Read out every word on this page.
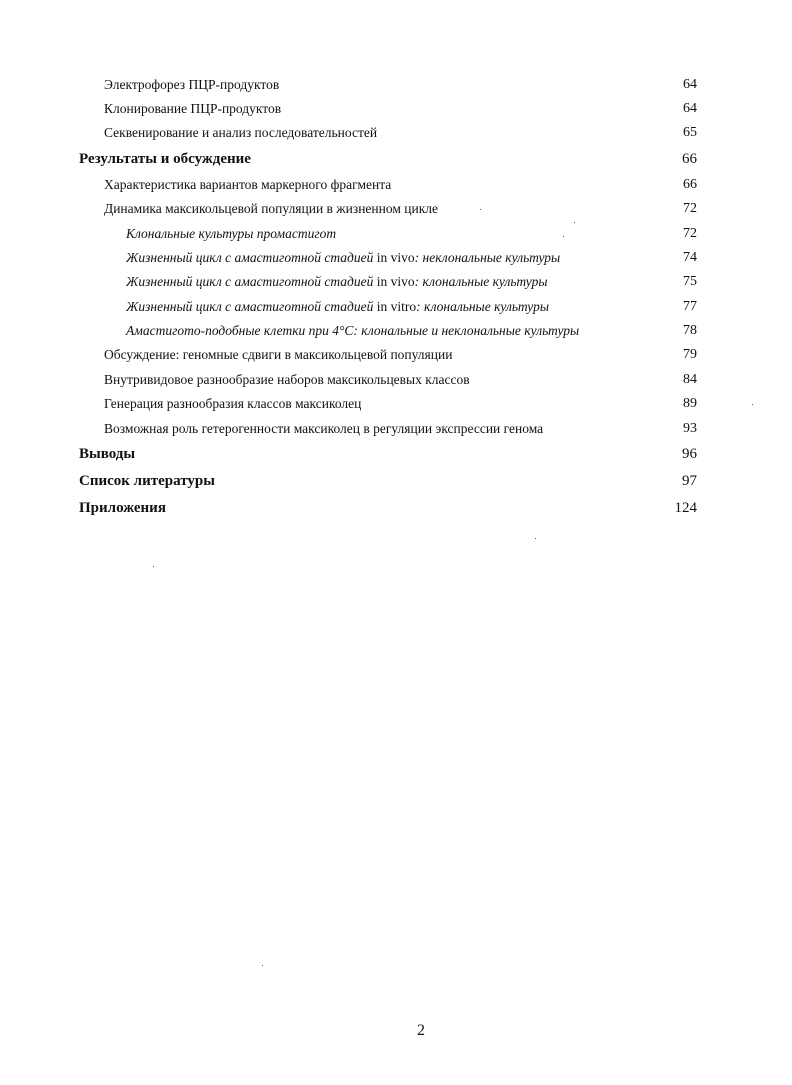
Электрофорез ПЦР-продуктов	64
Клонирование ПЦР-продуктов	64
Секвенирование и анализ последовательностей	65
Результаты и обсуждение	66
Характеристика вариантов маркерного фрагмента	66
Динамика максикольцевой популяции в жизненном цикле	72
Клональные культуры промастигот	72
Жизненный цикл с амастиготной стадией in vivo: неклональные культуры	74
Жизненный цикл с амастиготной стадией in vivo: клональные культуры	75
Жизненный цикл с амастиготной стадией in vitro: клональные культуры	77
Амастигото-подобные клетки при 4°С: клональные и неклональные культуры	78
Обсуждение: геномные сдвиги в максикольцевой популяции	79
Внутривидовое разнообразие наборов максикольцевых классов	84
Генерация разнообразия классов максиколец	89
Возможная роль гетерогенности максиколец в регуляции экспрессии генома	93
Выводы	96
Список литературы	97
Приложения	124
2
